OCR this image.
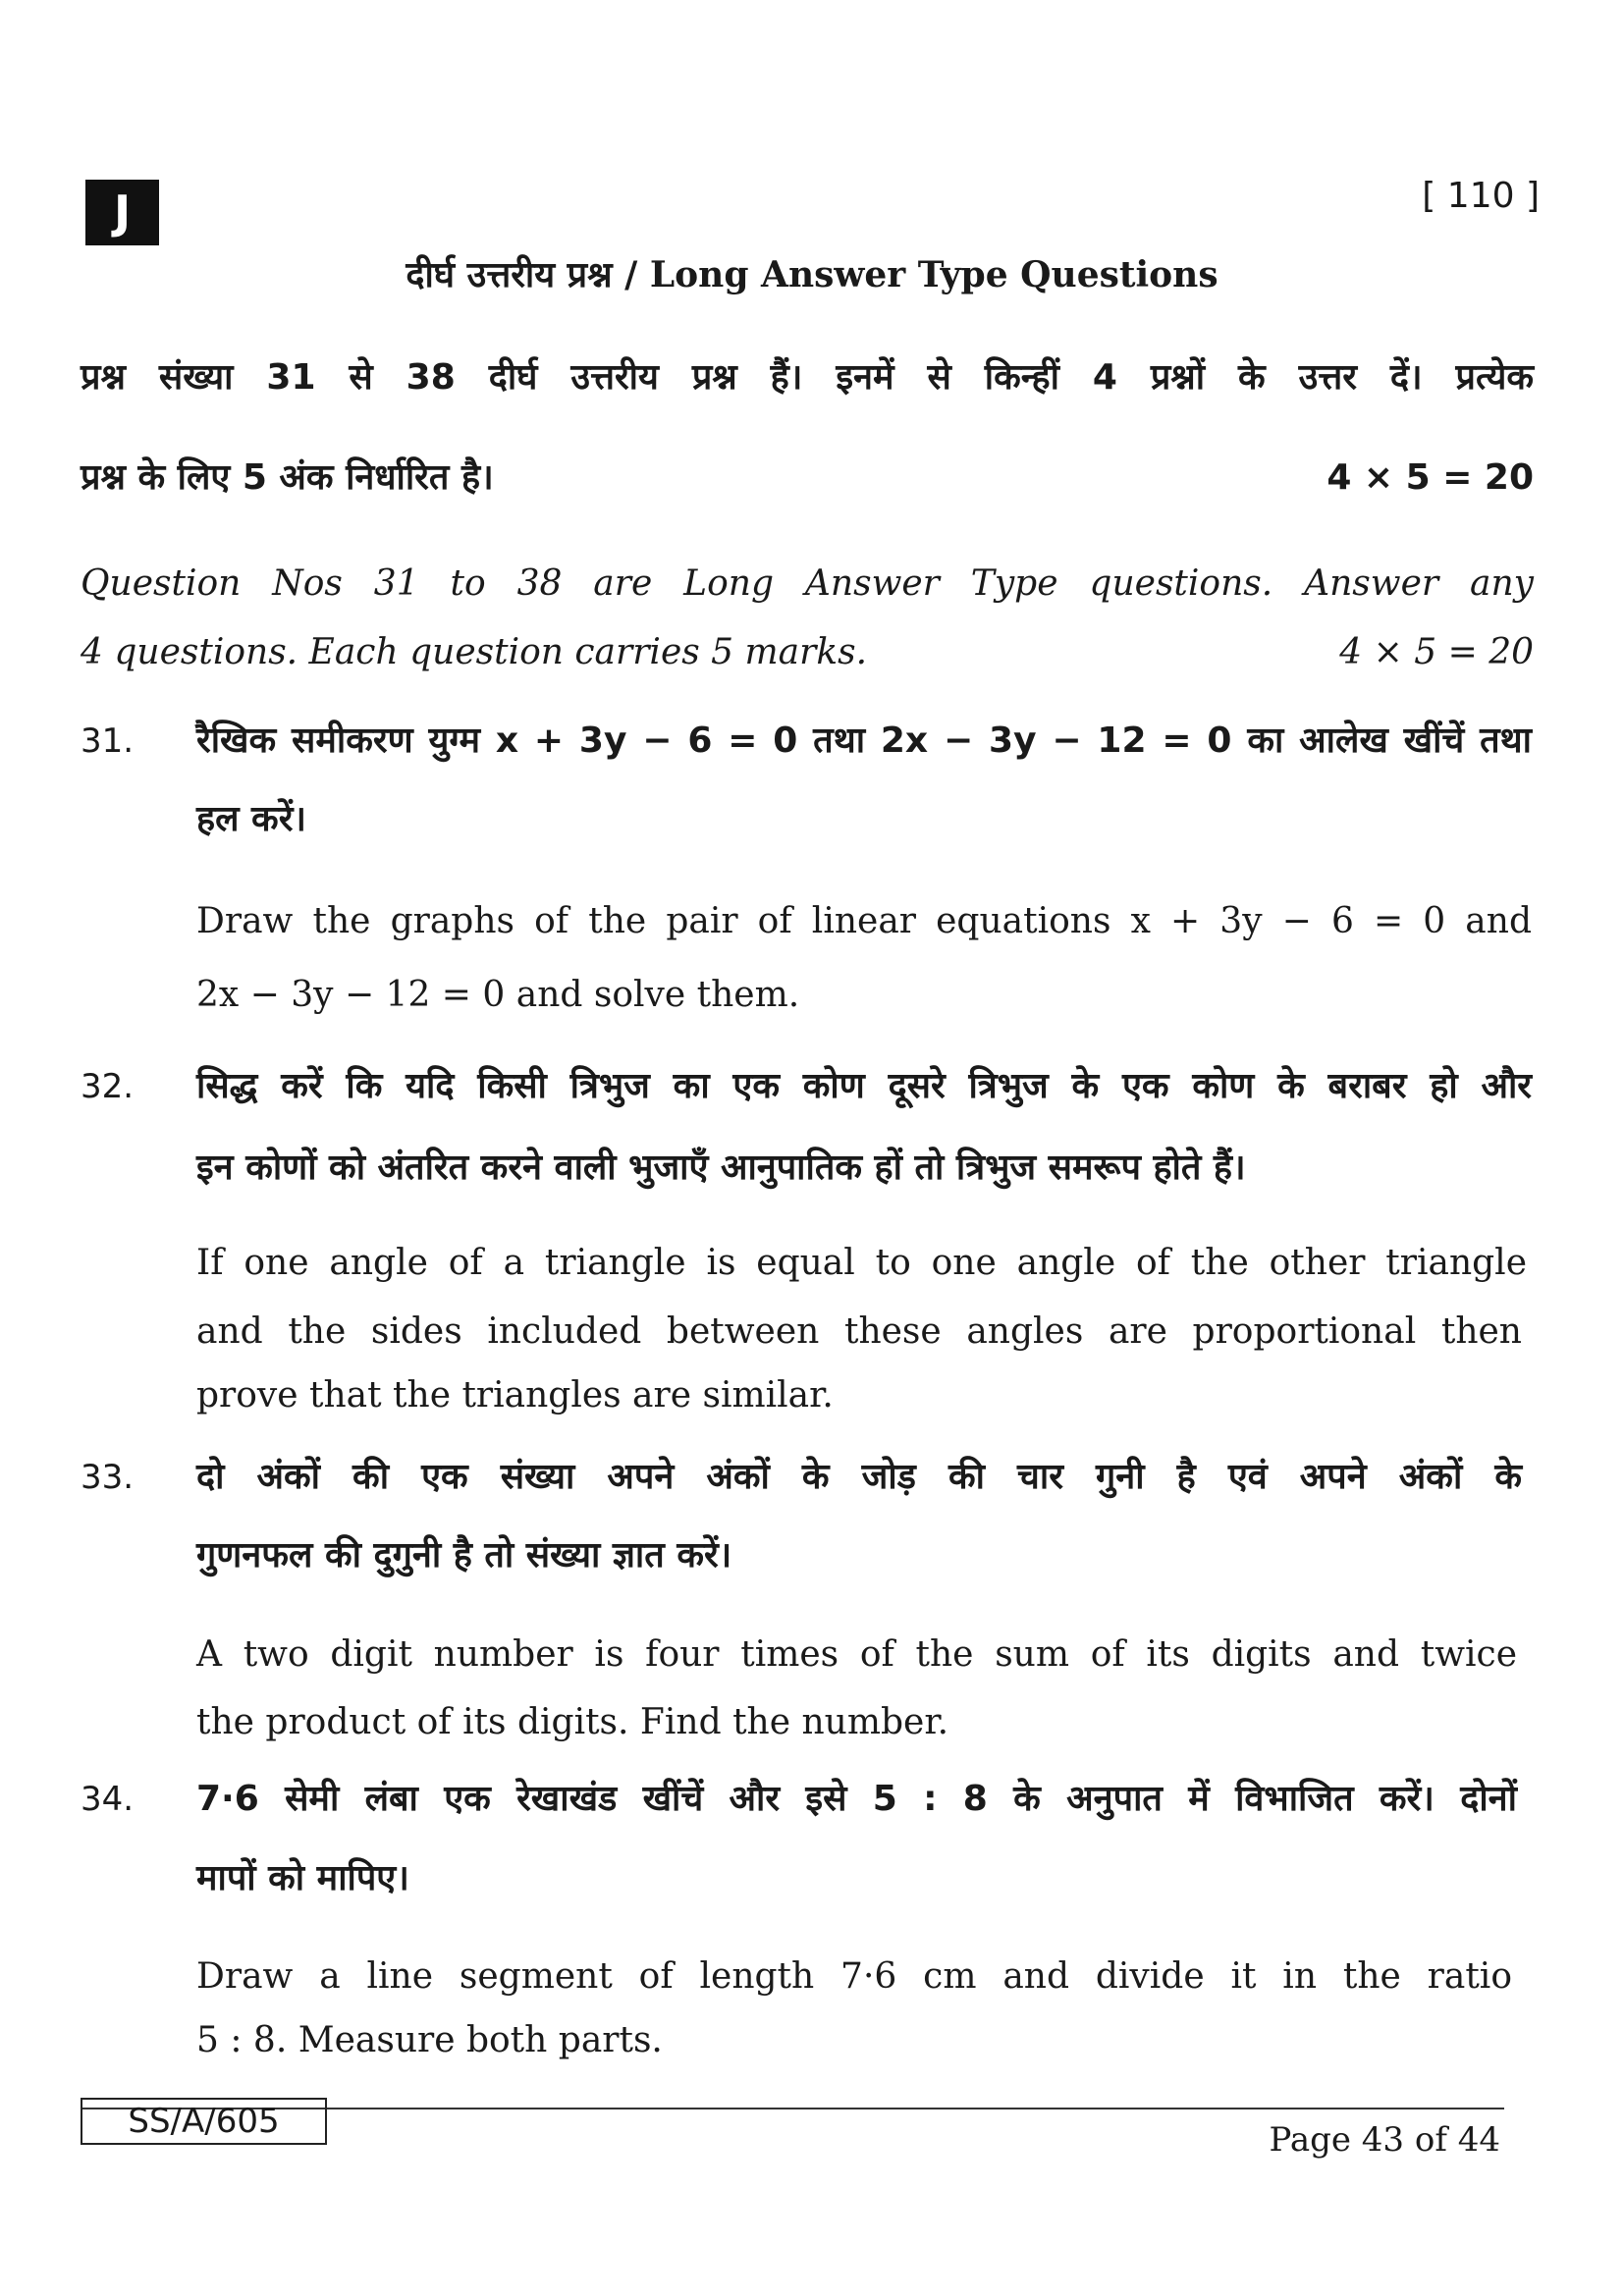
J	[ 110 ]
दीर्घ उत्तरीय प्रश्न / Long Answer Type Questions
प्रश्न संख्या 31 से 38 दीर्घ उत्तरीय प्रश्न हैं। इनमें से किन्हीं 4 प्रश्नों के उत्तर दें। प्रत्येक
प्रश्न के लिए 5 अंक निर्धारित है।	4 × 5 = 20
Question Nos 31 to 38 are Long Answer Type questions. Answer any
4 questions. Each question carries 5 marks.	4 × 5 = 20
31. रैखिक समीकरण युग्म x + 3y − 6 = 0 तथा 2x − 3y − 12 = 0 का आलेख खींचें तथा
हल करें।
Draw the graphs of the pair of linear equations x + 3y − 6 = 0 and
2x − 3y − 12 = 0 and solve them.
32. सिद्ध करें कि यदि किसी त्रिभुज का एक कोण दूसरे त्रिभुज के एक कोण के बराबर हो और
इन कोणों को अंतरित करने वाली भुजाएँ आनुपातिक हों तो त्रिभुज समरूप होते हैं।
If one angle of a triangle is equal to one angle of the other triangle
and the sides included between these angles are proportional then
prove that the triangles are similar.
33. दो अंकों की एक संख्या अपने अंकों के जोड़ की चार गुनी है एवं अपने अंकों के
गुणनफल की दुगुनी है तो संख्या ज्ञात करें।
A two digit number is four times of the sum of its digits and twice
the product of its digits. Find the number.
34. 7·6 सेमी लंबा एक रेखाखंड खींचें और इसे 5 : 8 के अनुपात में विभाजित करें। दोनों
मापों को मापिए।
Draw a line segment of length 7·6 cm and divide it in the ratio
5 : 8. Measure both parts.
SS/A/605	Page 43 of 44
